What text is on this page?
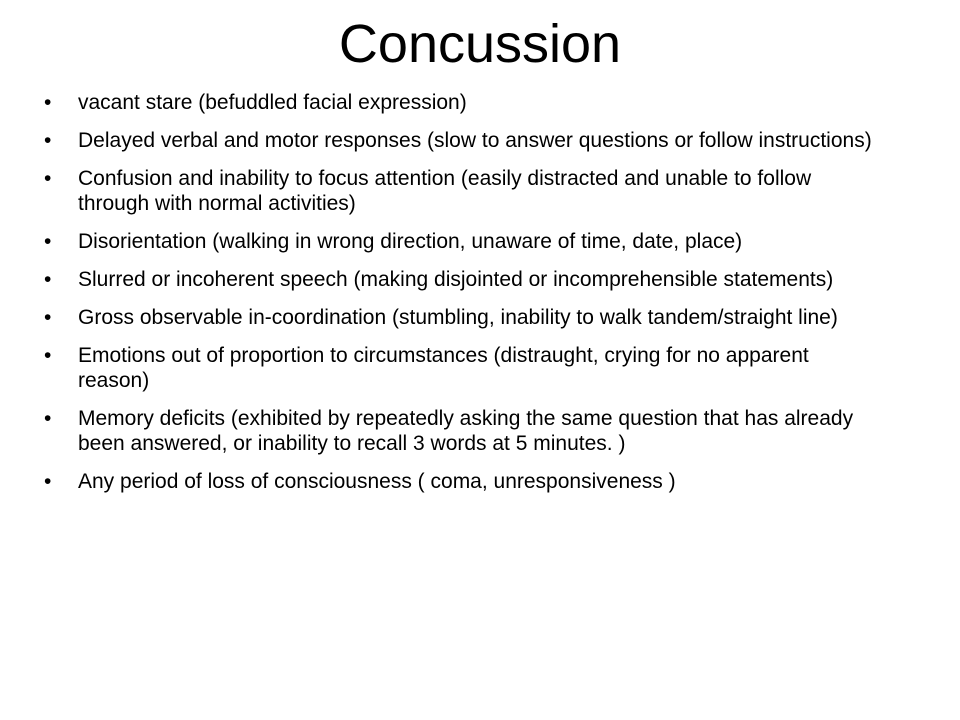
Concussion
•	vacant stare (befuddled facial expression)
•	Delayed verbal and motor responses (slow to answer questions or follow instructions)
•	Confusion and inability to focus attention (easily distracted and unable to follow through with normal activities)
•	Disorientation (walking in wrong direction, unaware of time, date, place)
•	Slurred or incoherent speech (making disjointed or incomprehensible statements)
•	Gross observable in-coordination (stumbling, inability to walk tandem/straight line)
•	Emotions out of proportion to circumstances (distraught, crying for no apparent reason)
•	Memory deficits (exhibited by repeatedly asking the same question that has already been answered, or inability to recall 3 words at 5 minutes. )
•	Any period of loss of consciousness ( coma, unresponsiveness )
